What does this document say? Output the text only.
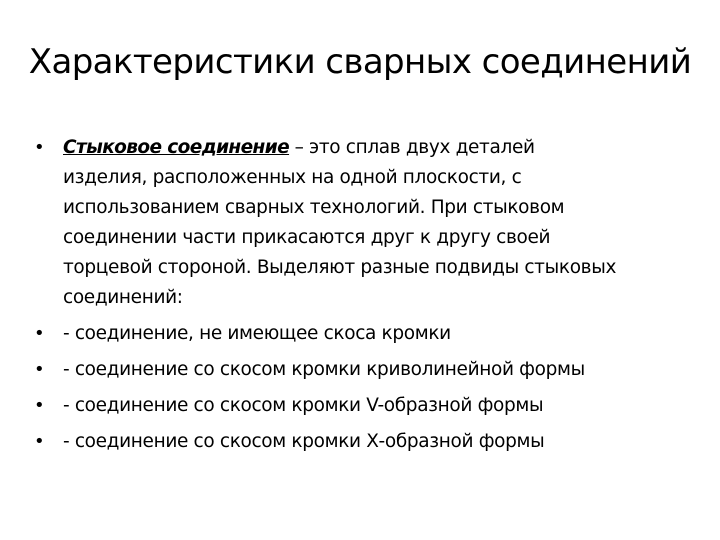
Характеристики сварных соединений
• Стыковое соединение – это сплав двух деталей изделия, расположенных на одной плоскости, с использованием сварных технологий. При стыковом соединении части прикасаются друг к другу своей торцевой стороной. Выделяют разные подвиды стыковых соединений:
• - соединение, не имеющее скоса кромки
• - соединение со скосом кромки криволинейной формы
• - соединение со скосом кромки V-образной формы
• - соединение со скосом кромки Х-образной формы
